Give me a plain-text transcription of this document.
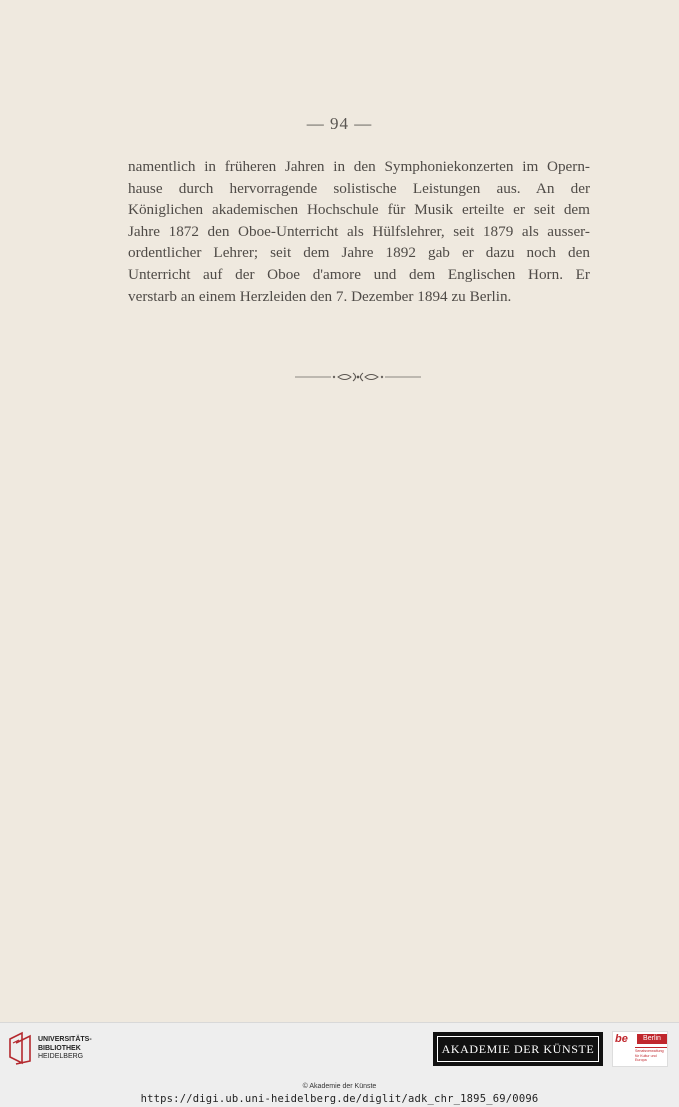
— 94 —
namentlich in früheren Jahren in den Symphoniekonzerten im Opern-
hause durch hervorragende solistische Leistungen aus. An der
Königlichen akademischen Hochschule für Musik erteilte er seit dem
Jahre 1872 den Oboe-Unterricht als Hülfslehrer, seit 1879 als ausser-
ordentlicher Lehrer; seit dem Jahre 1892 gab er dazu noch den
Unterricht auf der Oboe d'amore und dem Englischen Horn. Er
verstarb an einem Herzleiden den 7. Dezember 1894 zu Berlin.
UNIVERSITÄTS-
BIBLIOTHEK
HEIDELBERG
AKADEMIE DER KÜNSTE
be	Berlin
Senatsverwaltung
für Kultur und Europa
© Akademie der Künste
https://digi.ub.uni-heidelberg.de/diglit/adk_chr_1895_69/0096
